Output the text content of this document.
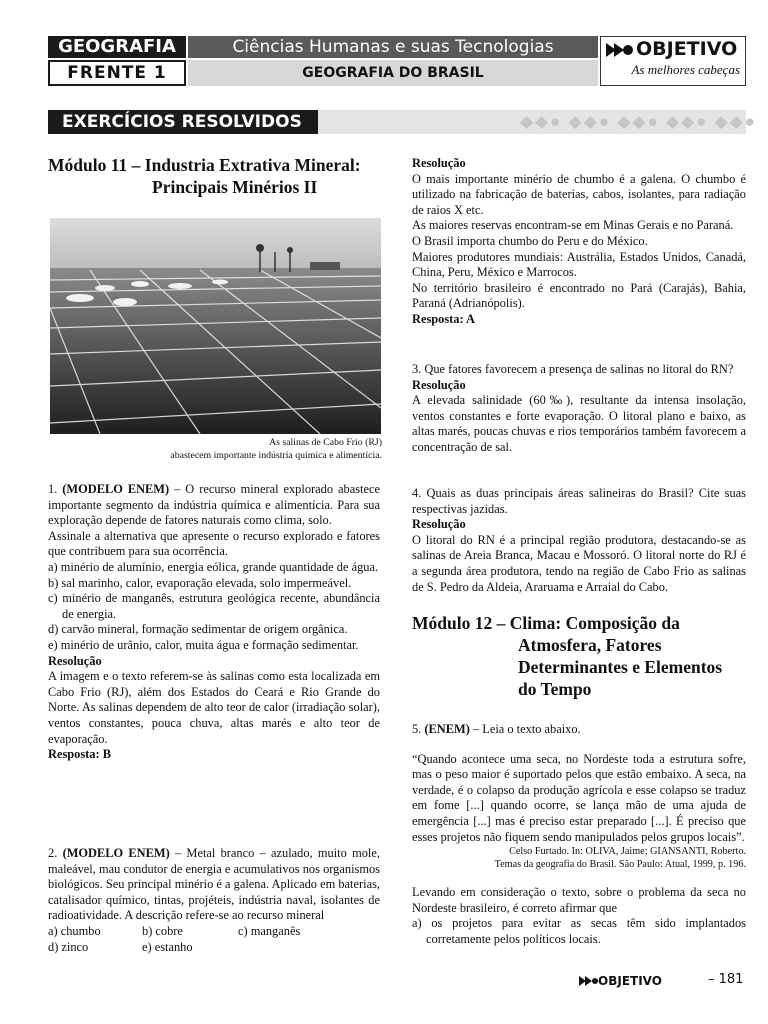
GEOGRAFIA
FRENTE 1
Ciências Humanas e suas Tecnologias
GEOGRAFIA DO BRASIL
OBJETIVO
As melhores cabeças
EXERCÍCIOS RESOLVIDOS	◆◆● ◆◆● ◆◆● ◆◆● ◆◆●
Módulo 11 – Industria Extrativa Mineral:
Principais Minérios II
As salinas de Cabo Frio (RJ)
abastecem importante indústria química e alimentícia.

1. (MODELO ENEM) – O recurso mineral explorado abastece importante segmento da indústria química e alimentícia. Para sua exploração depende de fatores naturais como clima, solo.

Assinale a alternativa que apresente o recurso explorado e fatores que contribuem para sua ocorrência.

a) minério de alumínio, energia eólica, grande quantidade de água.

b) sal marinho, calor, evaporação elevada, solo impermeável.

c) minério de manganês, estrutura geológica recente, abundância de energia.

d) carvão mineral, formação sedimentar de origem orgânica.

e) minério de urânio, calor, muita água e formação sedimentar.

Resolução

A imagem e o texto referem-se às salinas como esta localizada em Cabo Frio (RJ), além dos Estados do Ceará e Rio Grande do Norte. As salinas dependem de alto teor de calor (irradiação solar), ventos constantes, pouca chuva, altas marés e alto teor de evaporação.

Resposta: B

2. (MODELO ENEM) – Metal branco – azulado, muito mole, maleável, mau condutor de energia e acumulativos nos organismos biológicos. Seu principal minério é a galena. Aplicado em baterias, catalisador químico, tintas, projéteis, indústria naval, isolantes de radioatividade. A descrição refere-se ao recurso mineral

a) chumbo	b) cobre	c) manganês

d) zinco	e) estanho

Resolução

O mais importante minério de chumbo é a galena. O chumbo é utilizado na fabricação de baterias, cabos, isolantes, para radiação de raios X etc.

As maiores reservas encontram-se em Minas Gerais e no Paraná.

O Brasil importa chumbo do Peru e do México.

Maiores produtores mundiais: Austrália, Estados Unidos, Canadá, China, Peru, México e Marrocos.

No território brasileiro é encontrado no Pará (Carajás), Bahia, Paraná (Adrianópolis).

Resposta: A

3. Que fatores favorecem a presença de salinas no litoral do RN?

Resolução

A elevada salinidade (60‰), resultante da intensa insolação, ventos constantes e forte evaporação. O litoral plano e baixo, as altas marés, poucas chuvas e rios temporários também favorecem a concentração de sal.

4. Quais as duas principais áreas salineiras do Brasil? Cite suas respectivas jazidas.

Resolução

O litoral do RN é a principal região produtora, destacando-se as salinas de Areia Branca, Macau e Mossoró. O litoral norte do RJ é a segunda área produtora, tendo na região de Cabo Frio as salinas de S. Pedro da Aldeia, Araruama e Arraial do Cabo.

Módulo 12 – Clima: Composição da
Atmosfera, Fatores
Determinantes e Elementos
do Tempo

5. (ENEM) – Leia o texto abaixo.

“Quando acontece uma seca, no Nordeste toda a estrutura sofre, mas o peso maior é suportado pelos que estão embaixo. A seca, na verdade, é o colapso da produção agrícola e esse colapso se traduz em fome [...] quando ocorre, se lança mão de uma ajuda de emergência [...] mas é preciso estar preparado [...]. É preciso que esses projetos não fiquem sendo manipulados pelos grupos locais”.

Celso Furtado. In: OLIVA, Jaime; GIANSANTI, Roberto.
Temas da geografia do Brasil. São Paulo: Atual, 1999, p. 196.

Levando em consideração o texto, sobre o problema da seca no Nordeste brasileiro, é correto afirmar que

a) os projetos para evitar as secas têm sido implantados corretamente pelos políticos locais.

OBJETIVO	– 181
